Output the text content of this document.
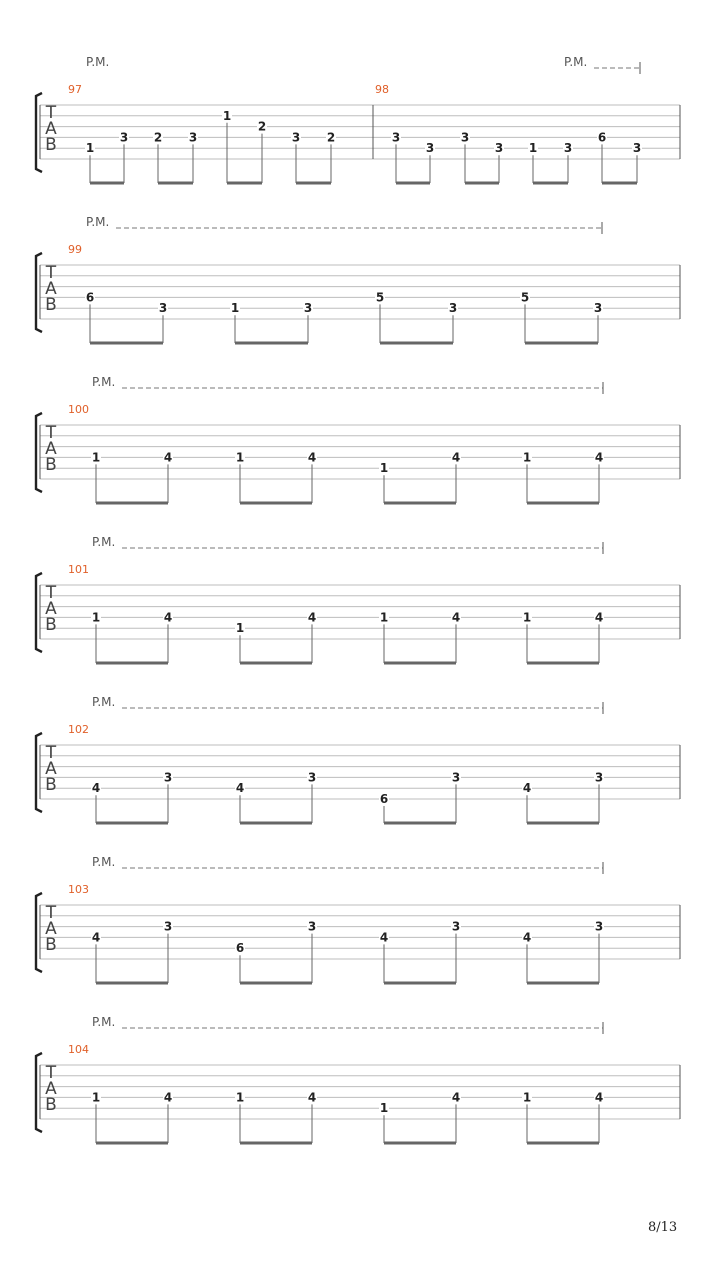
T
A
B
97
P.M.
1
3 2 3
1
2
3 2
98
P.M.
3
3
3
3 1 3
6
3
T
A
B
99
P.M.
6
3	1	3
5
3
5
3
T
A
B
100
P.M.
1	4	1	4
1
4	1	4
T
A
B
101
P.M.
1	4
1
4	1	4	1	4
T
A
B
102
P.M.
4
3
4
3
6
3
4
3
T
A
B
103
P.M.
4
3
6
3
4
3
4
3
T
A
B
104
P.M.
1	4	1	4
1
4	1	4
8/13
